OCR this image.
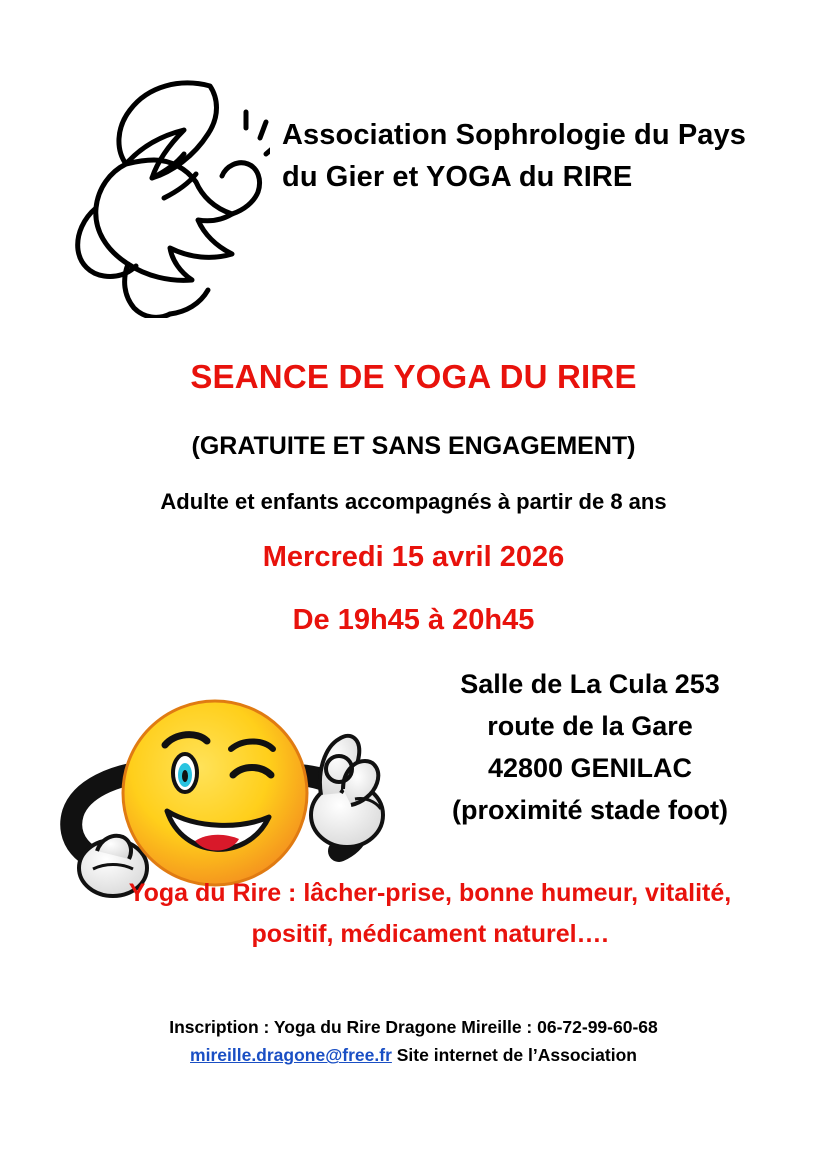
Association Sophrologie du Pays du Gier et YOGA du RIRE
SEANCE DE YOGA DU RIRE
(GRATUITE ET SANS ENGAGEMENT)
Adulte et enfants accompagnés à partir de 8 ans
Mercredi 15 avril 2026
De 19h45 à 20h45
Salle de La Cula 253
route de la Gare
42800 GENILAC
(proximité stade foot)
Yoga du Rire : lâcher-prise, bonne humeur, vitalité, positif, médicament naturel….
Inscription : Yoga du Rire Dragone Mireille : 06-72-99-60-68
mireille.dragone@free.fr Site internet de l’Association
